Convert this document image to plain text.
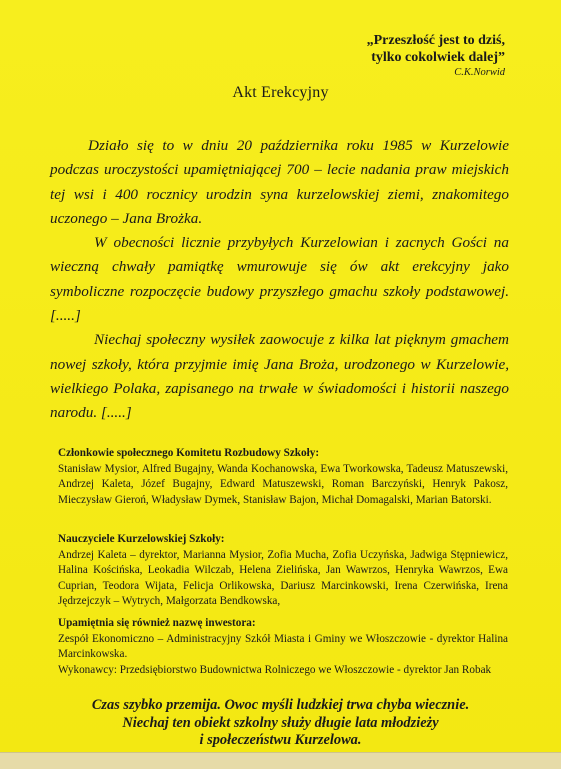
„Przeszłość jest to dziś,
tylko cokolwiek dalej”
C.K.Norwid
Akt Erekcyjny

Działo się to w dniu 20 października roku 1985 w Kurzelowie podczas uroczystości upamiętniającej 700 – lecie nadania praw miejskich tej wsi i 400 rocznicy urodzin syna kurzelowskiej ziemi, znakomitego uczonego – Jana Brożka.

W obecności licznie przybyłych Kurzelowian i zacnych Gości na wieczną chwały pamiątkę wmurowuje się ów akt erekcyjny jako symboliczne rozpoczęcie budowy przyszłego gmachu szkoły podstawowej. [.....]

Niechaj społeczny wysiłek zaowocuje z kilka lat pięknym gmachem nowej szkoły, która przyjmie imię Jana Broża, urodzonego w Kurzelowie, wielkiego Polaka, zapisanego na trwałe w świadomości i historii naszego narodu. [.....]

Członkowie społecznego Komitetu Rozbudowy Szkoły:
Stanisław Mysior, Alfred Bugajny, Wanda Kochanowska, Ewa Tworkowska, Tadeusz Matuszewski, Andrzej Kaleta, Józef Bugajny, Edward Matuszewski, Roman Barczyński, Henryk Pakosz, Mieczysław Gieroń, Władysław Dymek, Stanisław Bajon, Michał Domagalski, Marian Batorski.
Nauczyciele Kurzelowskiej Szkoły:
Andrzej Kaleta – dyrektor, Marianna Mysior, Zofia Mucha, Zofia Uczyńska, Jadwiga Stępniewicz, Halina Kościńska, Leokadia Wilczab, Helena Zielińska, Jan Wawrzos, Henryka Wawrzos, Ewa Cuprian, Teodora Wijata, Felicja Orlikowska, Dariusz Marcinkowski, Irena Czerwińska, Irena Jędrzejczyk – Wytrych, Małgorzata Bendkowska,
Upamiętnia się również nazwę inwestora:
Zespół Ekonomiczno – Administracyjny Szkół Miasta i Gminy we Włoszczowie - dyrektor Halina Marcinkowska.
Wykonawcy: Przedsiębiorstwo Budownictwa Rolniczego we Włoszczowie - dyrektor Jan Robak
Czas szybko przemija. Owoc myśli ludzkiej trwa chyba wiecznie.
Niechaj ten obiekt szkolny służy długie lata młodzieży
i społeczeństwu Kurzelowa.
